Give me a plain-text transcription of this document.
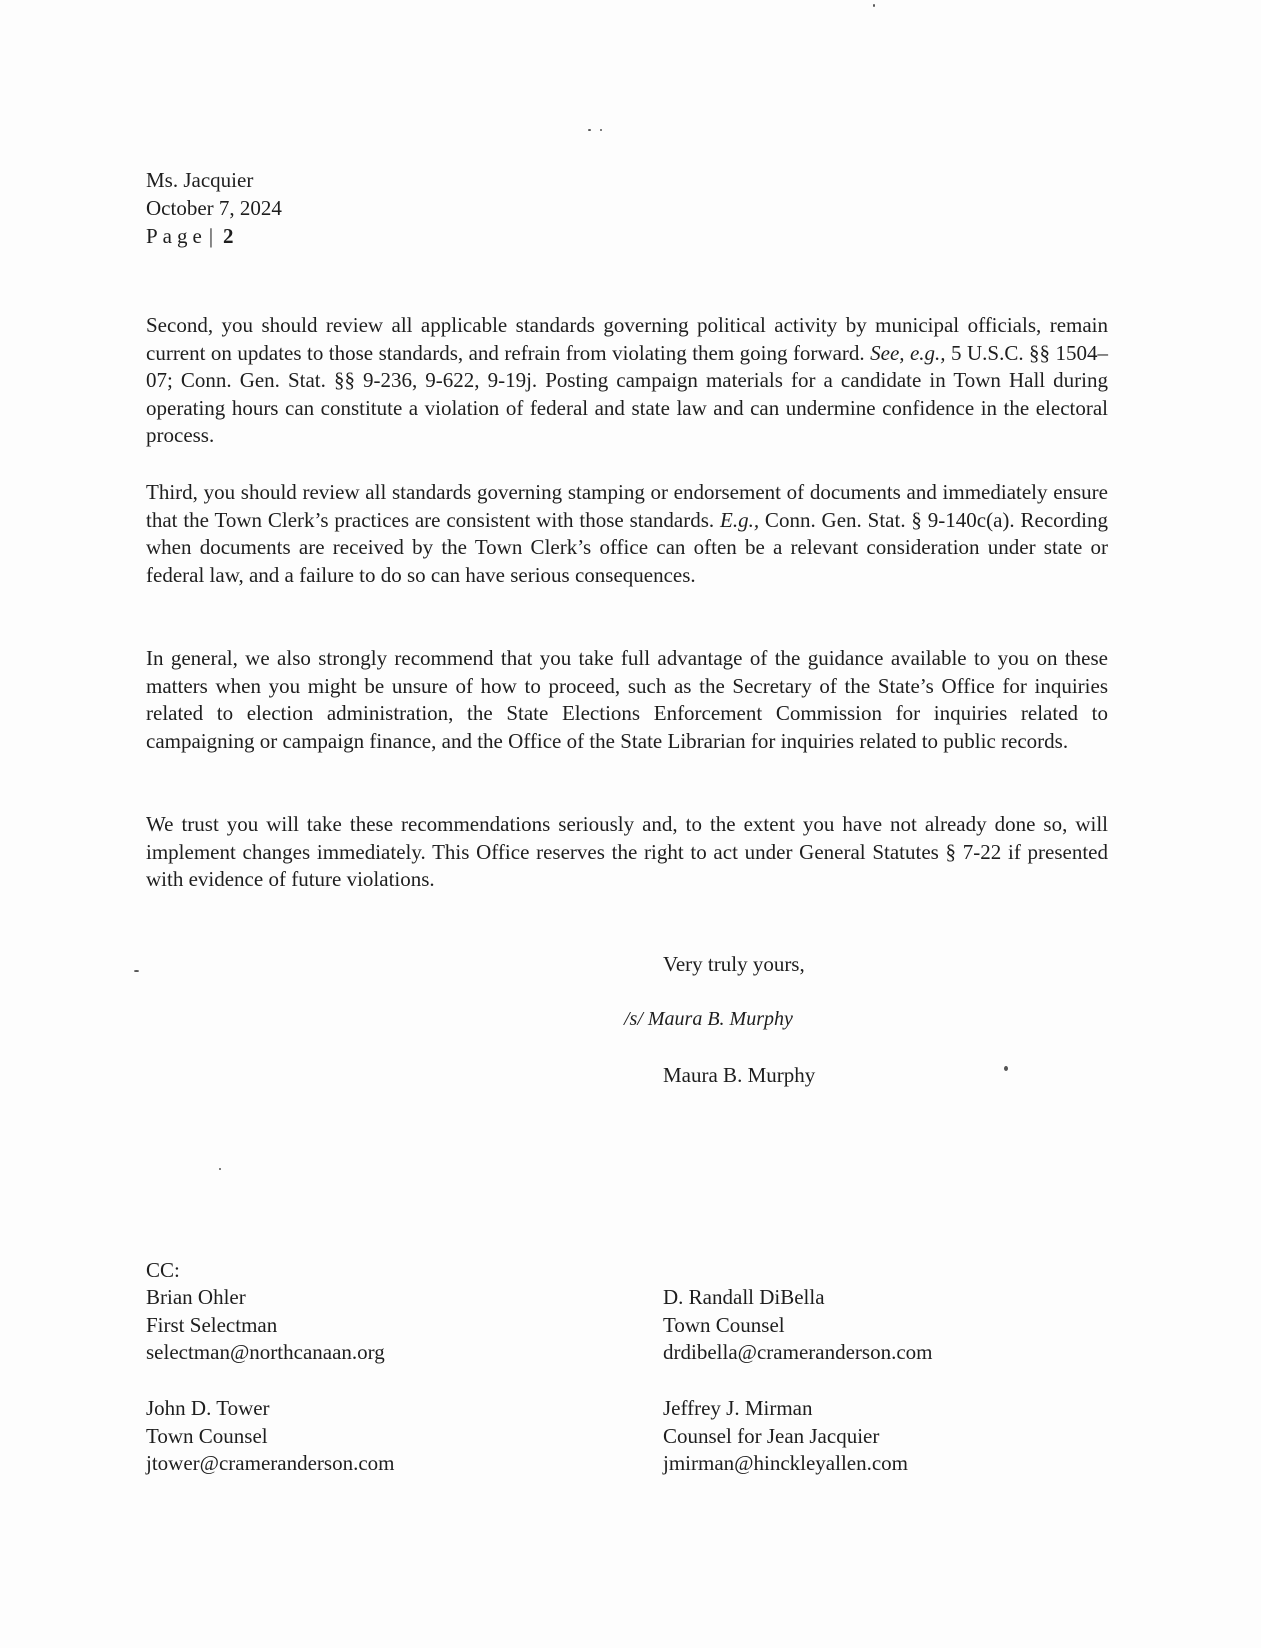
Ms. Jacquier
October 7, 2024
Page| 2

Second, you should review all applicable standards governing political activity by municipal officials, remain current on updates to those standards, and refrain from violating them going forward. See, e.g., 5 U.S.C. §§ 1504–07; Conn. Gen. Stat. §§ 9-236, 9-622, 9-19j. Posting campaign materials for a candidate in Town Hall during operating hours can constitute a violation of federal and state law and can undermine confidence in the electoral process.

Third, you should review all standards governing stamping or endorsement of documents and immediately ensure that the Town Clerk’s practices are consistent with those standards. E.g., Conn. Gen. Stat. § 9-140c(a). Recording when documents are received by the Town Clerk’s office can often be a relevant consideration under state or federal law, and a failure to do so can have serious consequences.

In general, we also strongly recommend that you take full advantage of the guidance available to you on these matters when you might be unsure of how to proceed, such as the Secretary of the State’s Office for inquiries related to election administration, the State Elections Enforcement Commission for inquiries related to campaigning or campaign finance, and the Office of the State Librarian for inquiries related to public records.

We trust you will take these recommendations seriously and, to the extent you have not already done so, will implement changes immediately. This Office reserves the right to act under General Statutes § 7-22 if presented with evidence of future violations.

Very truly yours,
/s/ Maura B. Murphy
Maura B. Murphy
CC:
Brian Ohler
First Selectman
selectman@northcanaan.org
D. Randall DiBella
Town Counsel
drdibella@crameranderson.com
John D. Tower
Town Counsel
jtower@crameranderson.com
Jeffrey J. Mirman
Counsel for Jean Jacquier
jmirman@hinckleyallen.com
